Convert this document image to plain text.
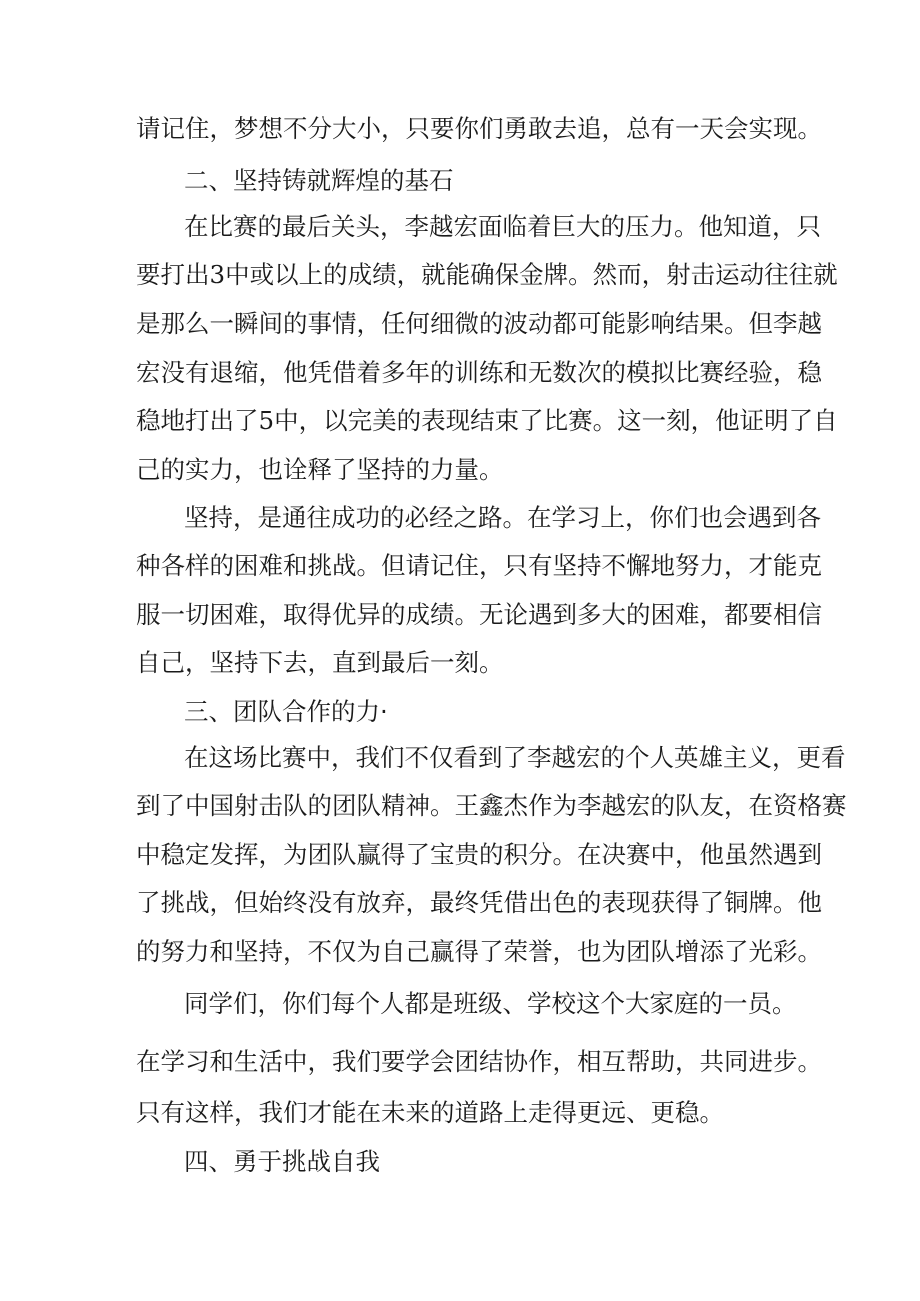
请记住，梦想不分大小，只要你们勇敢去追，总有一天会实现。
二、坚持铸就辉煌的基石
在比赛的最后关头，李越宏面临着巨大的压力。他知道，只
要打出3中或以上的成绩，就能确保金牌。然而，射击运动往往就
是那么一瞬间的事情，任何细微的波动都可能影响结果。但李越
宏没有退缩，他凭借着多年的训练和无数次的模拟比赛经验，稳
稳地打出了5中，以完美的表现结束了比赛。这一刻，他证明了自
己的实力，也诠释了坚持的力量。
坚持，是通往成功的必经之路。在学习上，你们也会遇到各
种各样的困难和挑战。但请记住，只有坚持不懈地努力，才能克
服一切困难，取得优异的成绩。无论遇到多大的困难，都要相信
自己，坚持下去，直到最后一刻。
三、团队合作的力·
在这场比赛中，我们不仅看到了李越宏的个人英雄主义，更看
到了中国射击队的团队精神。王鑫杰作为李越宏的队友，在资格赛
中稳定发挥，为团队赢得了宝贵的积分。在决赛中，他虽然遇到
了挑战，但始终没有放弃，最终凭借出色的表现获得了铜牌。他
的努力和坚持，不仅为自己赢得了荣誉，也为团队增添了光彩。
同学们，你们每个人都是班级、学校这个大家庭的一员。
在学习和生活中，我们要学会团结协作，相互帮助，共同进步。
只有这样，我们才能在未来的道路上走得更远、更稳。
四、勇于挑战自我
